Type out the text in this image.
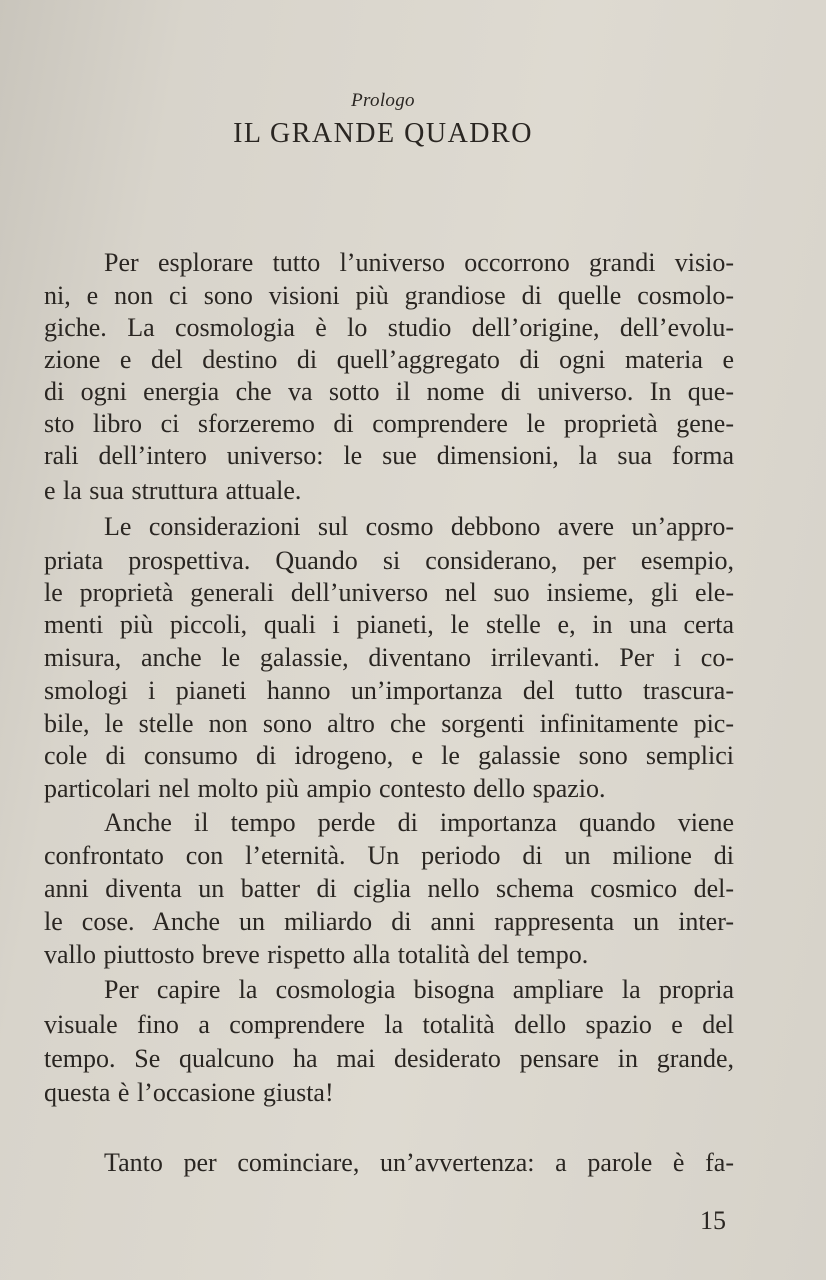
Prologo
IL GRANDE QUADRO
Per esplorare tutto l’universo occorrono grandi visio-
ni, e non ci sono visioni più grandiose di quelle cosmolo-
giche. La cosmologia è lo studio dell’origine, dell’evolu-
zione e del destino di quell’aggregato di ogni materia e
di ogni energia che va sotto il nome di universo. In que-
sto libro ci sforzeremo di comprendere le proprietà gene-
rali dell’intero universo: le sue dimensioni, la sua forma
e la sua struttura attuale.
Le considerazioni sul cosmo debbono avere un’appro-
priata prospettiva. Quando si considerano, per esempio,
le proprietà generali dell’universo nel suo insieme, gli ele-
menti più piccoli, quali i pianeti, le stelle e, in una certa
misura, anche le galassie, diventano irrilevanti. Per i co-
smologi i pianeti hanno un’importanza del tutto trascura-
bile, le stelle non sono altro che sorgenti infinitamente pic-
cole di consumo di idrogeno, e le galassie sono semplici
particolari nel molto più ampio contesto dello spazio.
Anche il tempo perde di importanza quando viene
confrontato con l’eternità. Un periodo di un milione di
anni diventa un batter di ciglia nello schema cosmico del-
le cose. Anche un miliardo di anni rappresenta un inter-
vallo piuttosto breve rispetto alla totalità del tempo.
Per capire la cosmologia bisogna ampliare la propria
visuale fino a comprendere la totalità dello spazio e del
tempo. Se qualcuno ha mai desiderato pensare in grande,
questa è l’occasione giusta!
Tanto per cominciare, un’avvertenza: a parole è fa-
15
